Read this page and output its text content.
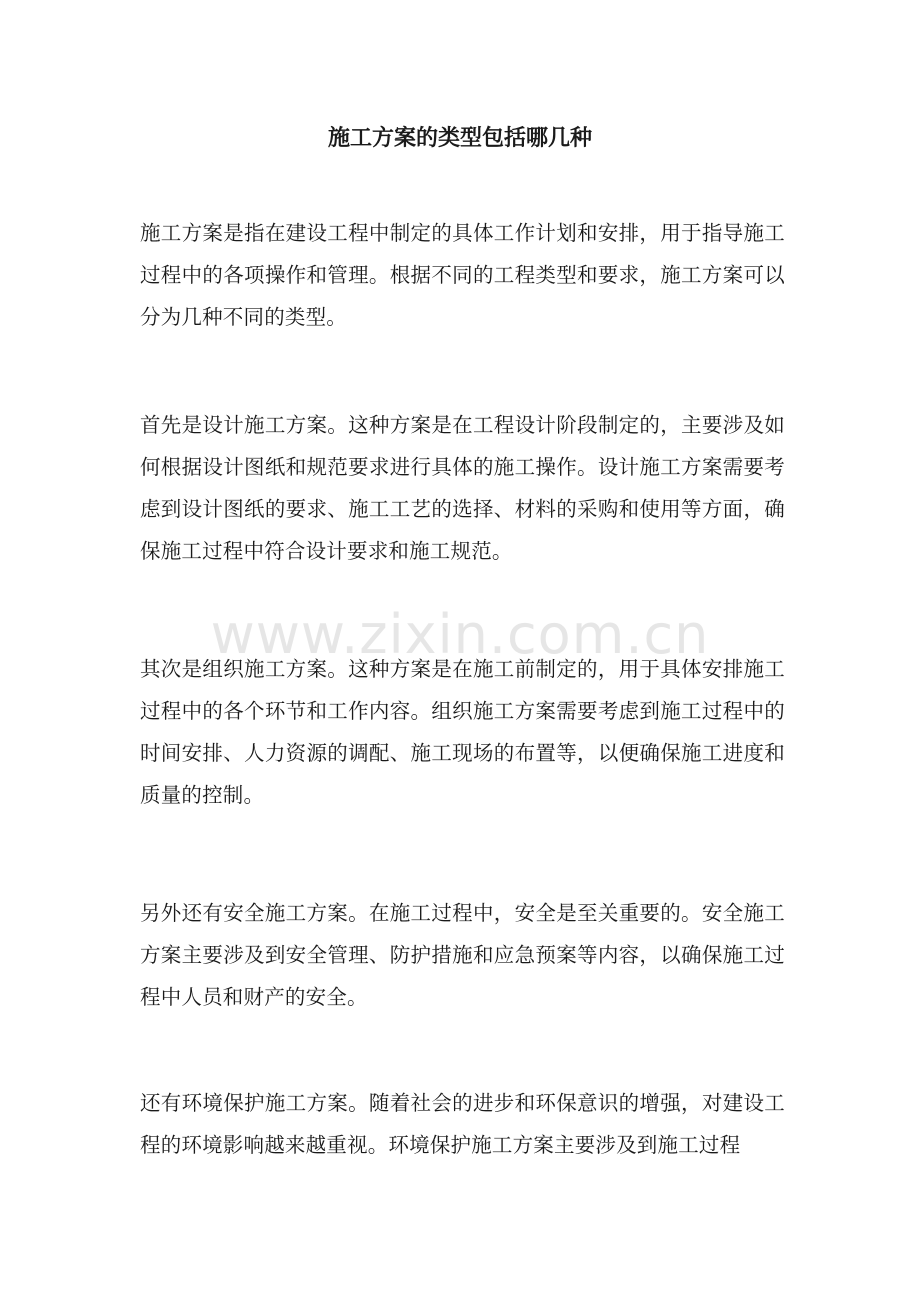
施工方案的类型包括哪几种

施工方案是指在建设工程中制定的具体工作计划和安排，用于指导施工过程中的各项操作和管理。根据不同的工程类型和要求，施工方案可以分为几种不同的类型。

首先是设计施工方案。这种方案是在工程设计阶段制定的，主要涉及如何根据设计图纸和规范要求进行具体的施工操作。设计施工方案需要考虑到设计图纸的要求、施工工艺的选择、材料的采购和使用等方面，确保施工过程中符合设计要求和施工规范。

其次是组织施工方案。这种方案是在施工前制定的，用于具体安排施工过程中的各个环节和工作内容。组织施工方案需要考虑到施工过程中的时间安排、人力资源的调配、施工现场的布置等，以便确保施工进度和质量的控制。

另外还有安全施工方案。在施工过程中，安全是至关重要的。安全施工方案主要涉及到安全管理、防护措施和应急预案等内容，以确保施工过程中人员和财产的安全。

还有环境保护施工方案。随着社会的进步和环保意识的增强，对建设工程的环境影响越来越重视。环境保护施工方案主要涉及到施工过程

www.zixin.com.cn
